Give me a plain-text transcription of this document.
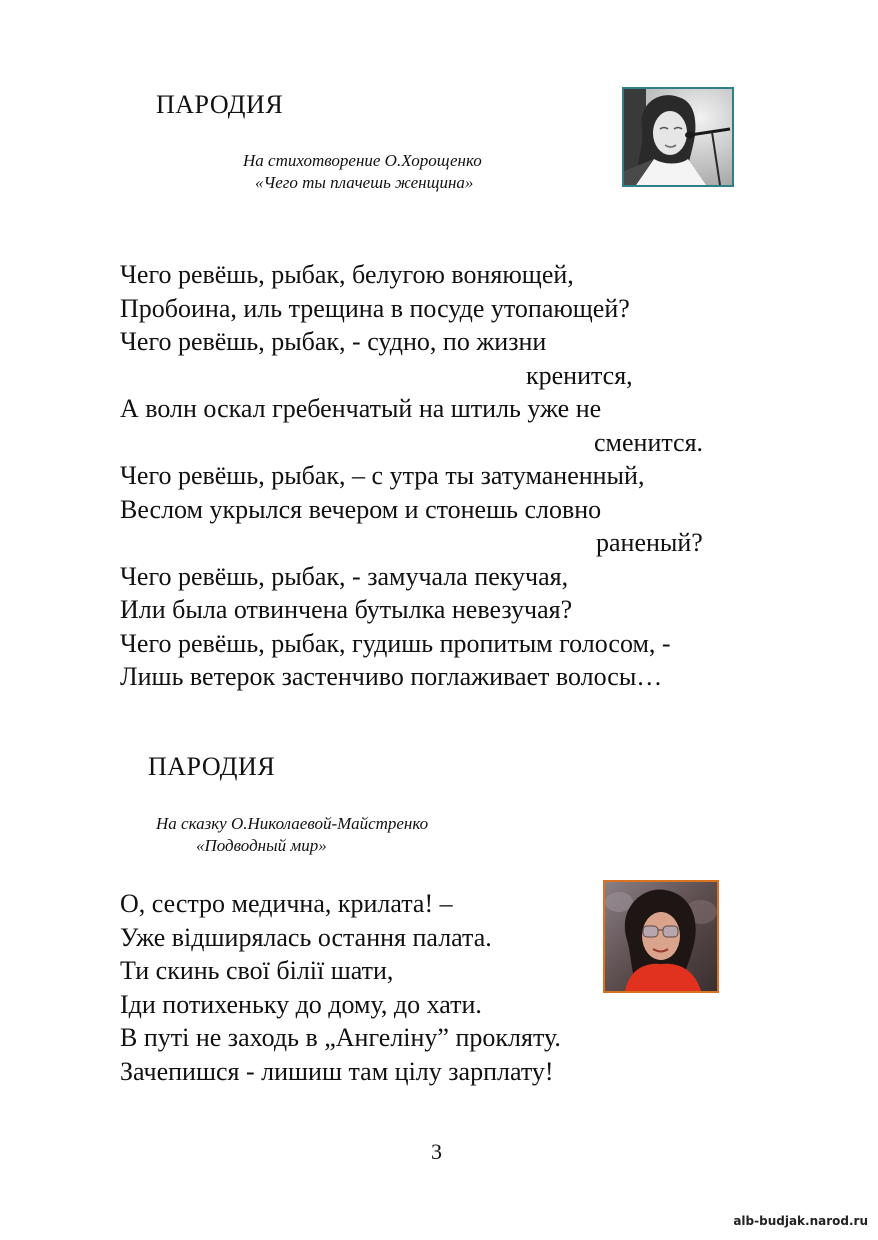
ПАРОДИЯ
На стихотворение О.Хорощенко
«Чего ты плачешь женщина»
Чего ревёшь, рыбак, белугою воняющей,
Пробоина, иль трещина в посуде утопающей?
Чего ревёшь, рыбак, - судно, по жизни
кренится,
А волн оскал гребенчатый на штиль уже не
сменится.
Чего ревёшь, рыбак, – с утра ты затуманенный,
Веслом укрылся вечером и стонешь словно
раненый?
Чего ревёшь, рыбак, - замучала пекучая,
Или была отвинчена бутылка невезучая?
Чего ревёшь, рыбак, гудишь пропитым голосом, -
Лишь ветерок застенчиво поглаживает волосы…
ПАРОДИЯ
На сказку О.Николаевой-Майстренко
«Подводный мир»
О, сестро медична, крилата! –
Уже відширялась остання палата.
Ти скинь свої білії шати,
Іди потихеньку до дому, до хати.
В путі не заходь в „Ангеліну” прокляту.
Зачепишся - лишиш там цілу зарплату!
3
alb-budjak.narod.ru
